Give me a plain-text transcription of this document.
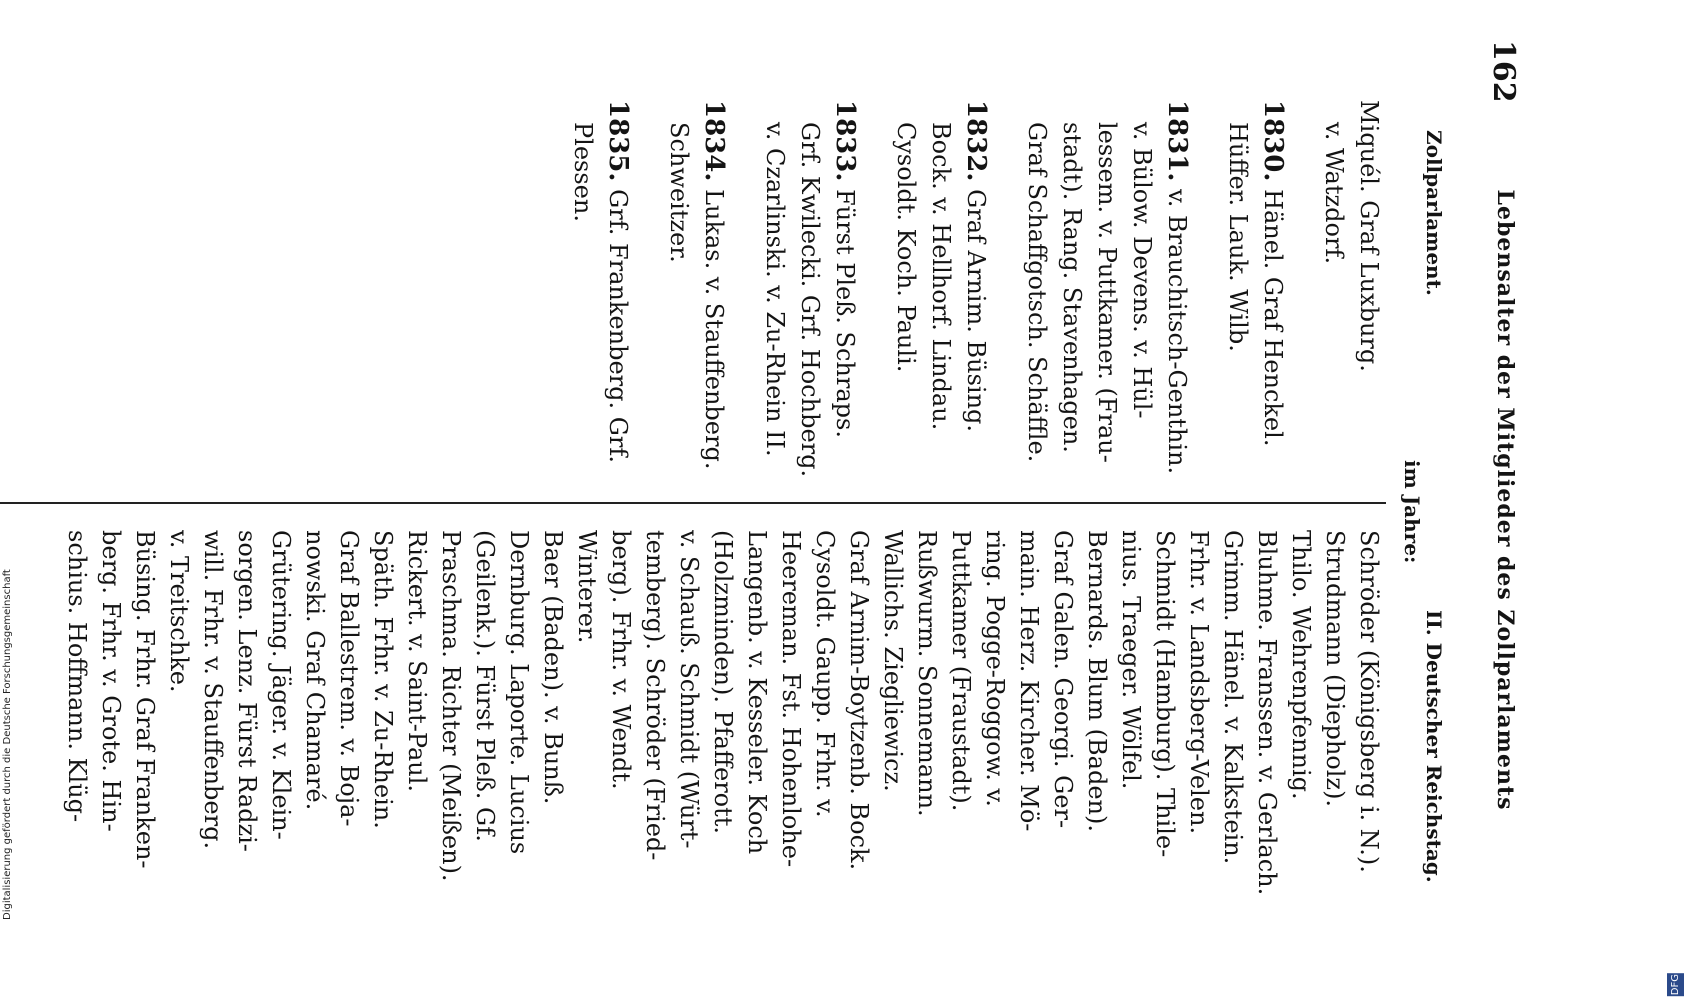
162
Lebensalter der Mitglieder des Zollparlaments
Zollparlament.
im Jahre:
II. Deutscher Reichstag.
Miquél. Graf Luxburg.
v. Watzdorf.
1830. Hänel. Graf Henckel.
Hüffer. Lauk. Wilb.
1831. v. Brauchitsch-Genthin.
v. Bülow. Devens. v. Hül-
lessem. v. Puttkamer. (Frau-
stadt). Rang. Stavenhagen.
Graf Schaffgotsch. Schäffle.
1832. Graf Arnim. Büsing.
Bock. v. Hellhorf. Lindau.
Cysoldt. Koch. Pauli.
1833. Fürst Pleß. Schraps.
Grf. Kwilecki. Grf. Hochberg.
v. Czarlinski. v. Zu-Rhein II.
1834. Lukas. v. Stauffenberg.
Schweitzer.
1835. Grf. Frankenberg. Grf.
Plessen.
Schröder (Königsberg i. N.).
Strudmann (Diepholz).
Thilo. Wehrenpfennig.
Bluhme. Franssen. v. Gerlach.
Grimm. Hänel. v. Kalkstein.
Frhr. v. Landsberg-Velen.
Schmidt (Hamburg). Thile-
nius. Traeger. Wölfel.
Bernards. Blum (Baden).
Graf Galen. Georgi. Ger-
main. Herz. Kircher. Mö-
ring. Pogge-Roggow. v.
Puttkamer (Fraustadt).
Rußwurm. Sonnemann.
Wallichs. Ziegliewicz.
Graf Arnim-Boytzenb. Bock.
Cysoldt. Gaupp. Frhr. v.
Heereman. Fst. Hohenlohe-
Langenb. v. Kesseler. Koch
(Holzminden). Pfafferott.
v. Schauß. Schmidt (Würt-
temberg). Schröder (Fried-
berg). Frhr. v. Wendt.
Winterer.
Baer (Baden). v. Bunß.
Dernburg. Laporte. Lucius
(Geilenk.). Fürst Pleß. Gf.
Praschma. Richter (Meißen).
Rickert. v. Saint-Paul.
Späth. Frhr. v. Zu-Rhein.
Graf Ballestrem. v. Boja-
nowski. Graf Chamaré.
Grütering. Jäger. v. Klein-
sorgen. Lenz. Fürst Radzi-
will. Frhr. v. Stauffenberg.
v. Treitschke.
Büsing. Frhr. Graf Franken-
berg. Frhr. v. Grote. Hin-
schius. Hoffmann. Klüg-
Digitalisierung gefördert durch die Deutsche Forschungsgemeinschaft
DFG
